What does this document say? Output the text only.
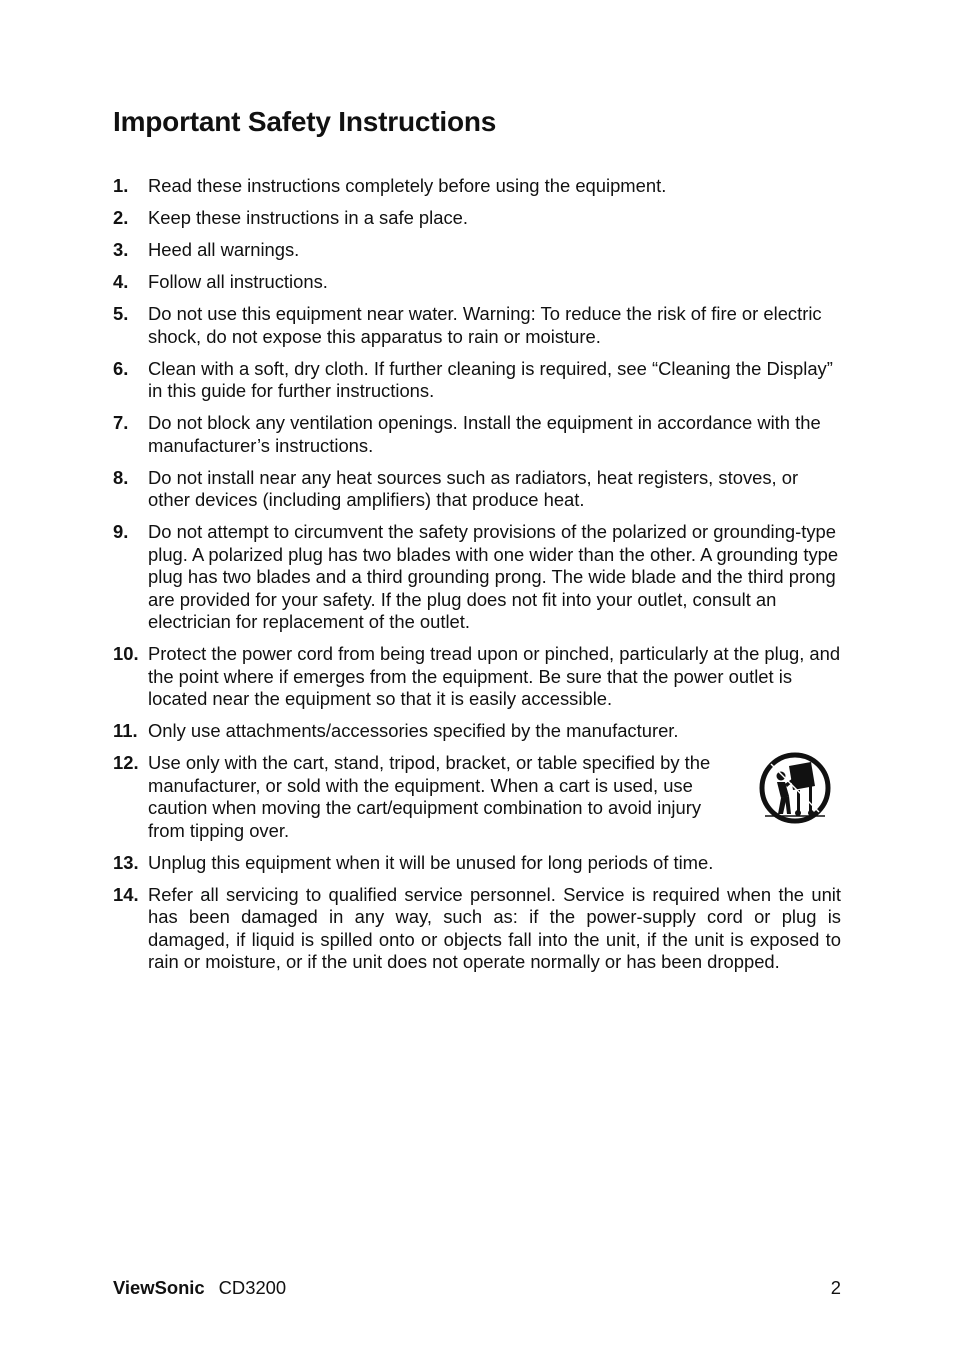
Important Safety Instructions
1. Read these instructions completely before using the equipment.
2. Keep these instructions in a safe place.
3. Heed all warnings.
4. Follow all instructions.
5. Do not use this equipment near water. Warning: To reduce the risk of fire or electric shock, do not expose this apparatus to rain or moisture.
6. Clean with a soft, dry cloth. If further cleaning is required, see “Cleaning the Display” in this guide for further instructions.
7. Do not block any ventilation openings. Install the equipment in accordance with the manufacturer’s instructions.
8. Do not install near any heat sources such as radiators, heat registers, stoves, or other devices (including amplifiers) that produce heat.
9. Do not attempt to circumvent the safety provisions of the polarized or grounding-type plug. A polarized plug has two blades with one wider than the other. A grounding type plug has two blades and a third grounding prong. The wide blade and the third prong are provided for your safety. If the plug does not fit into your outlet, consult an electrician for replacement of the outlet.
10. Protect the power cord from being tread upon or pinched, particularly at the plug, and the point where if emerges from the equipment. Be sure that the power outlet is located near the equipment so that it is easily accessible.
11. Only use attachments/accessories specified by the manufacturer.
12. Use only with the cart, stand, tripod, bracket, or table specified by the manufacturer, or sold with the equipment. When a cart is used, use caution when moving the cart/equipment combination to avoid injury from tipping over.
13. Unplug this equipment when it will be unused for long periods of time.
14. Refer all servicing to qualified service personnel. Service is required when the unit has been damaged in any way, such as: if the power-supply cord or plug is damaged, if liquid is spilled onto or objects fall into the unit, if the unit is exposed to rain or moisture, or if the unit does not operate normally or has been dropped.
ViewSonic CD3200	2
